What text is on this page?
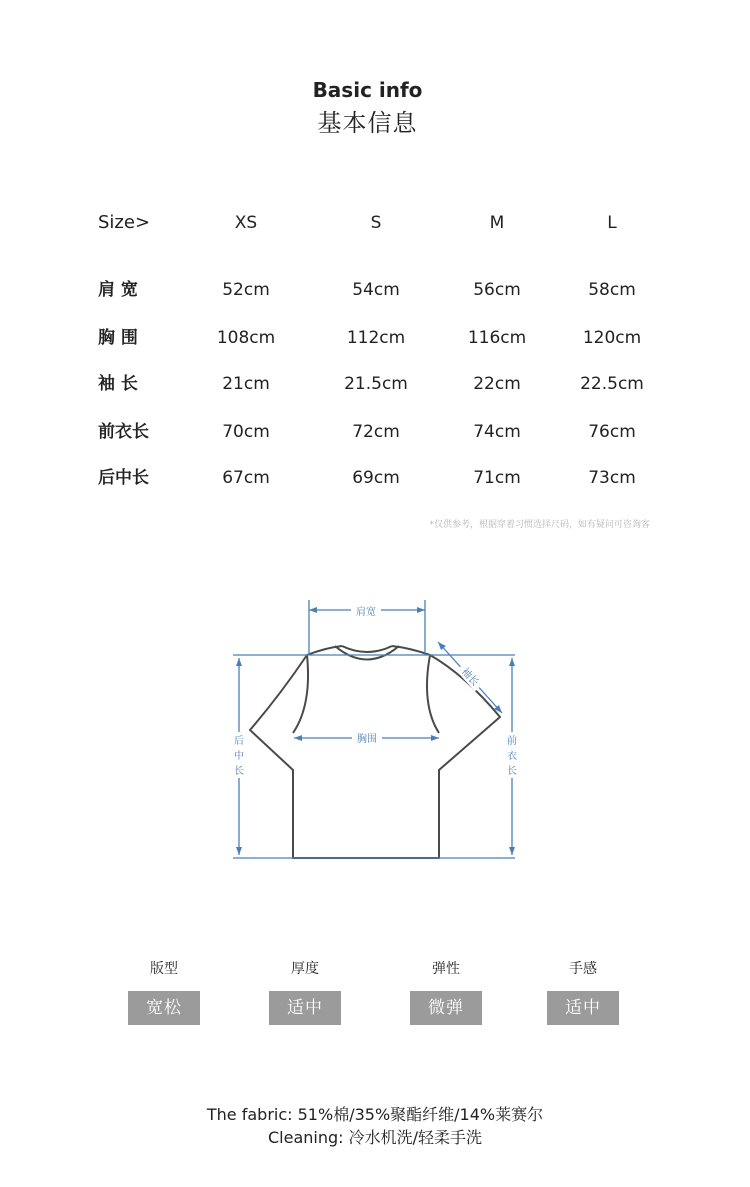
Basic info
基本信息
Size>	XS	S	M	L
肩 宽	52cm	54cm	56cm	58cm
胸 围	108cm	112cm	116cm	120cm
袖 长	21cm	21.5cm	22cm	22.5cm
前衣长	70cm	72cm	74cm	76cm
后中长	67cm	69cm	71cm	73cm
*仅供参考，根据穿着习惯选择尺码，如有疑问可咨询客
肩宽
胸围
袖长
后
中
长
前
衣
长
版型	厚度	弹性	手感
宽松	适中	微弹	适中
The fabric: 51%棉/35%聚酯纤维/14%莱赛尔
Cleaning: 冷水机洗/轻柔手洗
